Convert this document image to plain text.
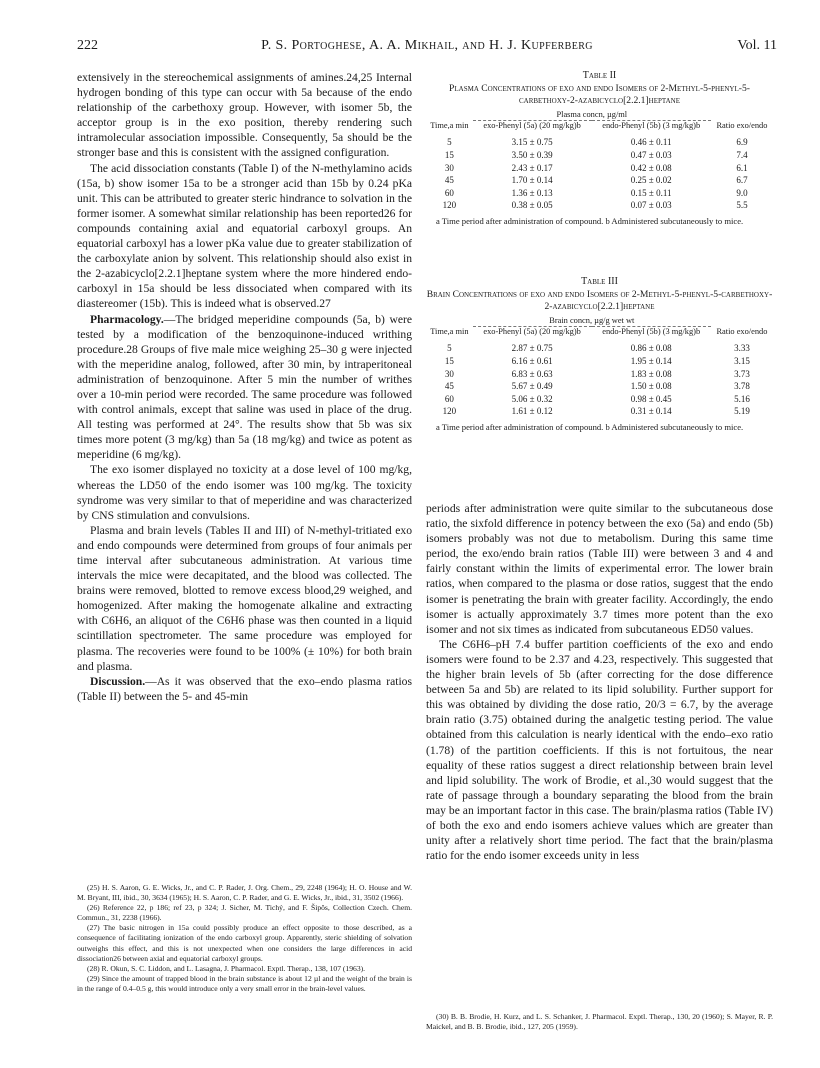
222	P. S. Portoghese, A. A. Mikhail, and H. J. Kupferberg	Vol. 11

extensively in the stereochemical assignments of amines.24,25 Internal hydrogen bonding of this type can occur with 5a because of the endo relationship of the carbethoxy group. However, with isomer 5b, the acceptor group is in the exo position, thereby rendering such intramolecular association impossible. Consequently, 5a should be the stronger base and this is consistent with the assigned configuration.

The acid dissociation constants (Table I) of the N-methylamino acids (15a, b) show isomer 15a to be a stronger acid than 15b by 0.24 pKa unit. This can be attributed to greater steric hindrance to solvation in the former isomer. A somewhat similar relationship has been reported26 for compounds containing axial and equatorial carboxyl groups. An equatorial carboxyl has a lower pKa value due to greater stabilization of the carboxylate anion by solvent. This relationship should also exist in the 2-azabicyclo[2.2.1]heptane system where the more hindered endo-carboxyl in 15a should be less dissociated when compared with its diastereomer (15b). This is indeed what is observed.27

Pharmacology.—The bridged meperidine compounds (5a, b) were tested by a modification of the benzoquinone-induced writhing procedure.28 Groups of five male mice weighing 25–30 g were injected with the meperidine analog, followed, after 30 min, by intraperitoneal administration of benzoquinone. After 5 min the number of writhes over a 10-min period were recorded. The same procedure was followed with control animals, except that saline was used in place of the drug. All testing was performed at 24°. The results show that 5b was six times more potent (3 mg/kg) than 5a (18 mg/kg) and twice as potent as meperidine (6 mg/kg).

The exo isomer displayed no toxicity at a dose level of 100 mg/kg, whereas the LD50 of the endo isomer was 100 mg/kg. The toxicity syndrome was very similar to that of meperidine and was characterized by CNS stimulation and convulsions.

Plasma and brain levels (Tables II and III) of N-methyl-tritiated exo and endo compounds were determined from groups of four animals per time interval after subcutaneous administration. At various time intervals the mice were decapitated, and the blood was collected. The brains were removed, blotted to remove excess blood,29 weighed, and homogenized. After making the homogenate alkaline and extracting with C6H6, an aliquot of the C6H6 phase was then counted in a liquid scintillation spectrometer. The same procedure was employed for plasma. The recoveries were found to be 100% (± 10%) for both brain and plasma.

Discussion.—As it was observed that the exo–endo plasma ratios (Table II) between the 5- and 45-min

(25) H. S. Aaron, G. E. Wicks, Jr., and C. P. Rader, J. Org. Chem., 29, 2248 (1964); H. O. House and W. M. Bryant, III, ibid., 30, 3634 (1965); H. S. Aaron, C. P. Rader, and G. E. Wicks, Jr., ibid., 31, 3502 (1966).

(26) Reference 22, p 186; ref 23, p 324; J. Sicher, M. Tichý, and F. Šipŏs, Collection Czech. Chem. Commun., 31, 2238 (1966).

(27) The basic nitrogen in 15a could possibly produce an effect opposite to those described, as a consequence of facilitating ionization of the endo carboxyl group. Apparently, steric shielding of solvation outweighs this effect, and this is not unexpected when one considers the large differences in acid dissociation26 between axial and equatorial carboxyl groups.

(28) R. Okun, S. C. Liddon, and L. Lasagna, J. Pharmacol. Exptl. Therap., 138, 107 (1963).

(29) Since the amount of trapped blood in the brain substance is about 12 µl and the weight of the brain is in the range of 0.4–0.5 g, this would introduce only a very small error in the brain-level values.

Table II
Plasma Concentrations of exo and endo Isomers of 2-Methyl-5-phenyl-5-carbethoxy-2-azabicyclo[2.2.1]heptane
	Plasma concn, µg/ml		
Time,a min	exo-Phenyl (5a) (20 mg/kg)b	endo-Phenyl (5b) (3 mg/kg)b	Ratio exo/endo
5	3.15 ± 0.75	0.46 ± 0.11	6.9
15	3.50 ± 0.39	0.47 ± 0.03	7.4
30	2.43 ± 0.17	0.42 ± 0.08	6.1
45	1.70 ± 0.14	0.25 ± 0.02	6.7
60	1.36 ± 0.13	0.15 ± 0.11	9.0
120	0.38 ± 0.05	0.07 ± 0.03	5.5
a Time period after administration of compound. b Administered subcutaneously to mice.
Table III
Brain Concentrations of exo and endo Isomers of 2-Methyl-5-phenyl-5-carbethoxy-2-azabicyclo[2.2.1]heptane
	Brain concn, µg/g wet wt		
Time,a min	exo-Phenyl (5a) (20 mg/kg)b	endo-Phenyl (5b) (3 mg/kg)b	Ratio exo/endo
5	2.87 ± 0.75	0.86 ± 0.08	3.33
15	6.16 ± 0.61	1.95 ± 0.14	3.15
30	6.83 ± 0.63	1.83 ± 0.08	3.73
45	5.67 ± 0.49	1.50 ± 0.08	3.78
60	5.06 ± 0.32	0.98 ± 0.45	5.16
120	1.61 ± 0.12	0.31 ± 0.14	5.19
a Time period after administration of compound. b Administered subcutaneously to mice.

periods after administration were quite similar to the subcutaneous dose ratio, the sixfold difference in potency between the exo (5a) and endo (5b) isomers probably was not due to metabolism. During this same time period, the exo/endo brain ratios (Table III) were between 3 and 4 and fairly constant within the limits of experimental error. The lower brain ratios, when compared to the plasma or dose ratios, suggest that the endo isomer is penetrating the brain with greater facility. Accordingly, the endo isomer is actually approximately 3.7 times more potent than the exo isomer and not six times as indicated from subcutaneous ED50 values.

The C6H6–pH 7.4 buffer partition coefficients of the exo and endo isomers were found to be 2.37 and 4.23, respectively. This suggested that the higher brain levels of 5b (after correcting for the dose difference between 5a and 5b) are related to its lipid solubility. Further support for this was obtained by dividing the dose ratio, 20/3 = 6.7, by the average brain ratio (3.75) obtained during the analgetic testing period. The value obtained from this calculation is nearly identical with the endo–exo ratio (1.78) of the partition coefficients. If this is not fortuitous, the near equality of these ratios suggest a direct relationship between brain level and lipid solubility. The work of Brodie, et al.,30 would suggest that the rate of passage through a boundary separating the blood from the brain may be an important factor in this case. The brain/plasma ratios (Table IV) of both the exo and endo isomers achieve values which are greater than unity after a relatively short time period. The fact that the brain/plasma ratio for the endo isomer exceeds unity in less

(30) B. B. Brodie, H. Kurz, and L. S. Schanker, J. Pharmacol. Exptl. Therap., 130, 20 (1960); S. Mayer, R. P. Maickel, and B. B. Brodie, ibid., 127, 205 (1959).
